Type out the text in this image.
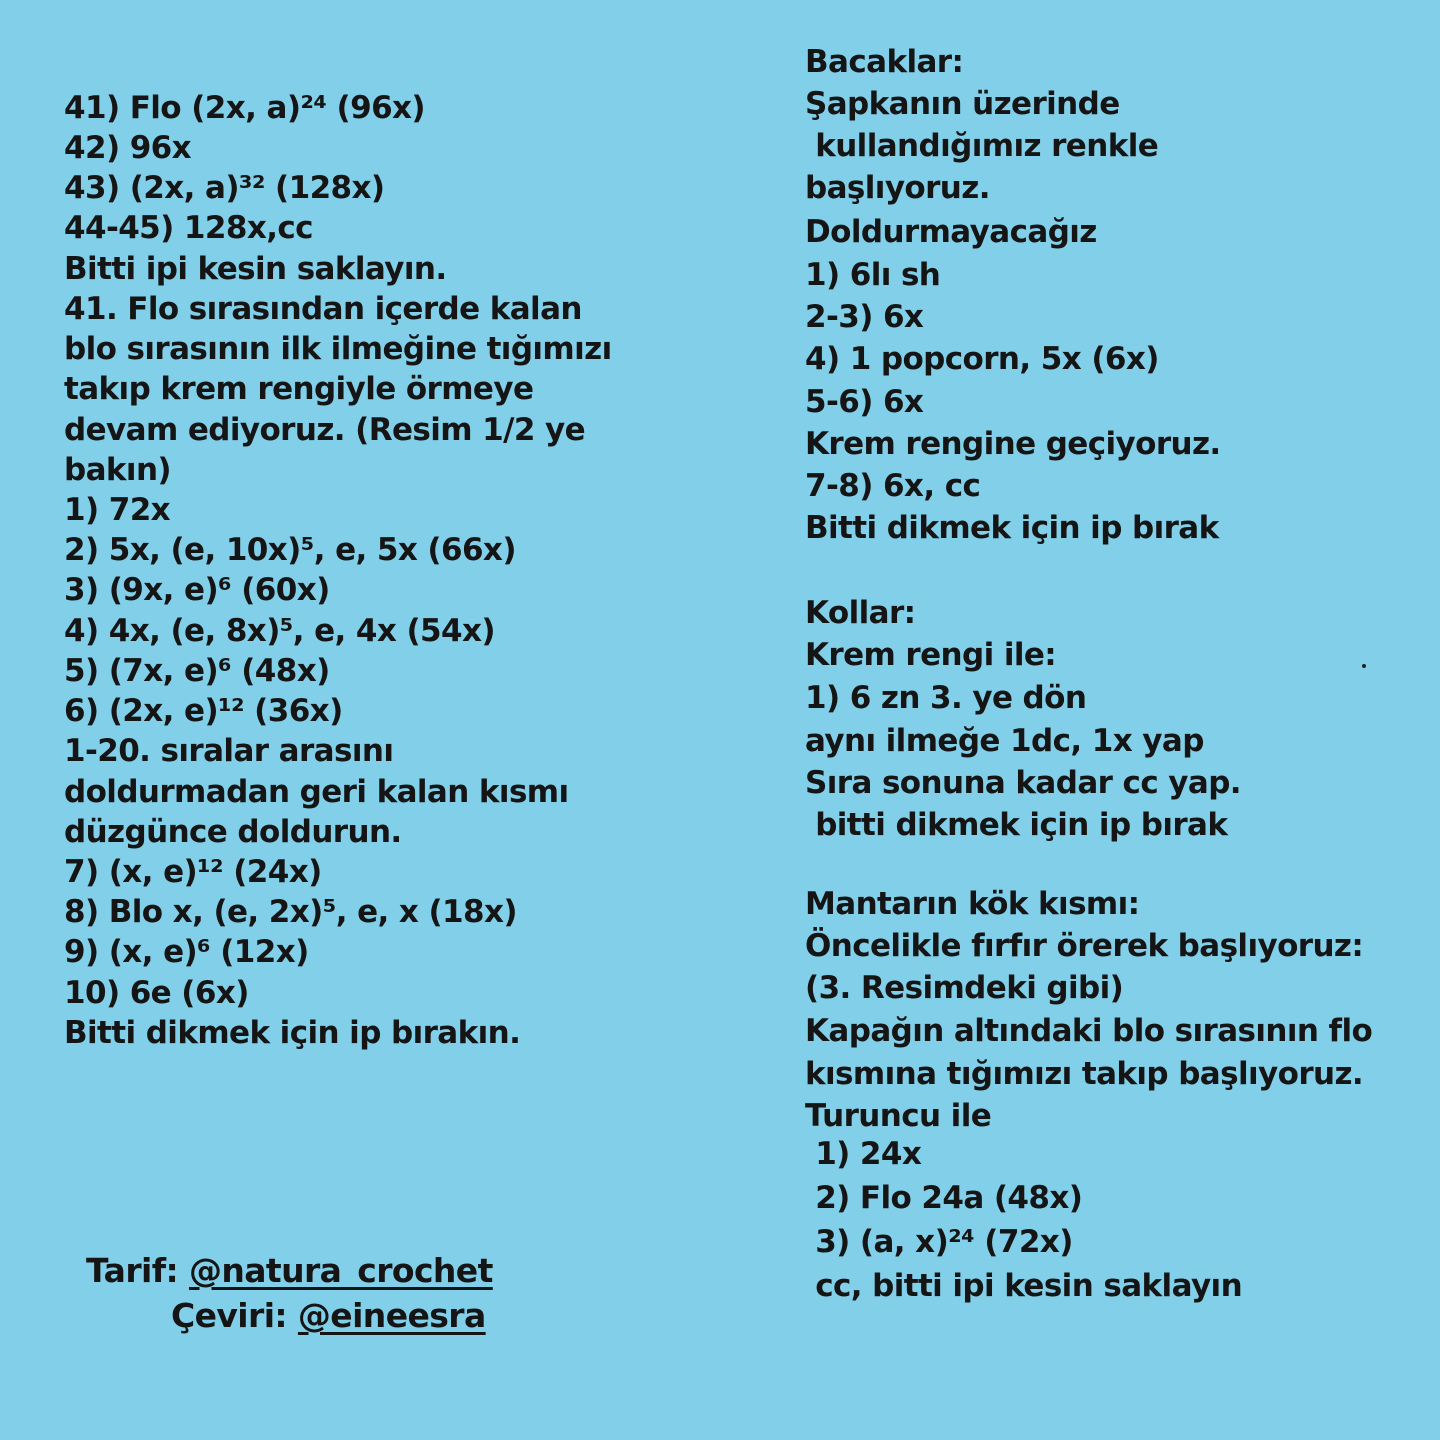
41) Flo (2x, a)²⁴ (96x)
42) 96x
43) (2x, a)³² (128x)
44-45) 128x,cc
Bitti ipi kesin saklayın.
41. Flo sırasından içerde kalan
blo sırasının ilk ilmeğine tığımızı
takıp krem rengiyle örmeye
devam ediyoruz. (Resim 1/2 ye
bakın)
1) 72x
2) 5x, (e, 10x)⁵, e, 5x (66x)
3) (9x, e)⁶ (60x)
4) 4x, (e, 8x)⁵, e, 4x (54x)
5) (7x, e)⁶ (48x)
6) (2x, e)¹² (36x)
1-20. sıralar arasını
doldurmadan geri kalan kısmı
düzgünce doldurun.
7) (x, e)¹² (24x)
8) Blo x, (e, 2x)⁵, e, x (18x)
9) (x, e)⁶ (12x)
10) 6e (6x)
Bitti dikmek için ip bırakın.
Tarif: @natura_crochet
Çeviri: @eineesra
Bacaklar:
Şapkanın üzerinde
kullandığımız renkle
başlıyoruz.
Doldurmayacağız
1) 6lı sh
2-3) 6x
4) 1 popcorn, 5x (6x)
5-6) 6x
Krem rengine geçiyoruz.
7-8) 6x, cc
Bitti dikmek için ip bırak
Kollar:
Krem rengi ile:
1) 6 zn 3. ye dön
aynı ilmeğe 1dc, 1x yap
Sıra sonuna kadar cc yap.
bitti dikmek için ip bırak
Mantarın kök kısmı:
Öncelikle fırfır örerek başlıyoruz:
(3. Resimdeki gibi)
Kapağın altındaki blo sırasının flo
kısmına tığımızı takıp başlıyoruz.
Turuncu ile
1) 24x
2) Flo 24a (48x)
3) (a, x)²⁴ (72x)
cc, bitti ipi kesin saklayın
